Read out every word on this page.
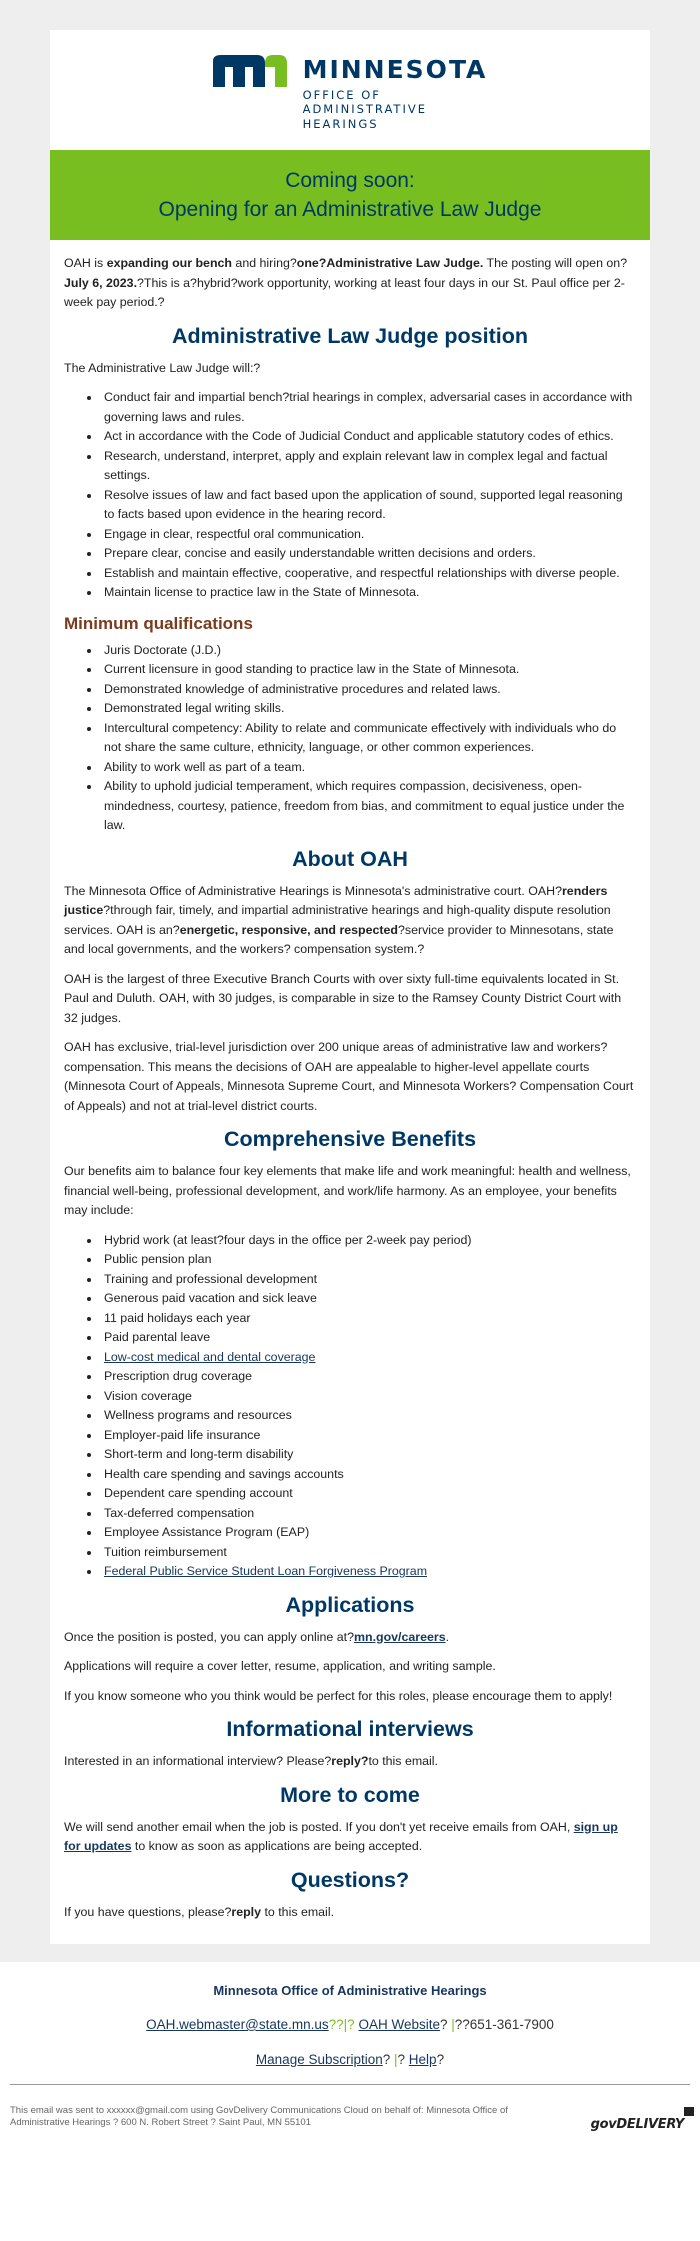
MINNESOTA
OFFICE OF
ADMINISTRATIVE
HEARINGS
Coming soon:
Opening for an Administrative Law Judge

OAH is expanding our bench and hiring?one?Administrative Law Judge. The posting will open on?July 6, 2023.?This is a?hybrid?work opportunity, working at least four days in our St. Paul office per 2-week pay period.?

Administrative Law Judge position

The Administrative Law Judge will:?

Conduct fair and impartial bench?trial hearings in complex, adversarial cases in accordance with governing laws and rules.
Act in accordance with the Code of Judicial Conduct and applicable statutory codes of ethics.
Research, understand, interpret, apply and explain relevant law in complex legal and factual settings.
Resolve issues of law and fact based upon the application of sound, supported legal reasoning to facts based upon evidence in the hearing record.
Engage in clear, respectful oral communication.
Prepare clear, concise and easily understandable written decisions and orders.
Establish and maintain effective, cooperative, and respectful relationships with diverse people.
Maintain license to practice law in the State of Minnesota.
Minimum qualifications
Juris Doctorate (J.D.)
Current licensure in good standing to practice law in the State of Minnesota.
Demonstrated knowledge of administrative procedures and related laws.
Demonstrated legal writing skills.
Intercultural competency: Ability to relate and communicate effectively with individuals who do not share the same culture, ethnicity, language, or other common experiences.
Ability to work well as part of a team.
Ability to uphold judicial temperament, which requires compassion, decisiveness, open-mindedness, courtesy, patience, freedom from bias, and commitment to equal justice under the law.
About OAH

The Minnesota Office of Administrative Hearings is Minnesota's administrative court. OAH?renders justice?through fair, timely, and impartial administrative hearings and high-quality dispute resolution services. OAH is an?energetic, responsive, and respected?service provider to Minnesotans, state and local governments, and the workers? compensation system.?

OAH is the largest of three Executive Branch Courts with over sixty full-time equivalents located in St. Paul and Duluth. OAH, with 30 judges, is comparable in size to the Ramsey County District Court with 32 judges.

OAH has exclusive, trial-level jurisdiction over 200 unique areas of administrative law and workers? compensation. This means the decisions of OAH are appealable to higher-level appellate courts (Minnesota Court of Appeals, Minnesota Supreme Court, and Minnesota Workers? Compensation Court of Appeals) and not at trial-level district courts.

Comprehensive Benefits

Our benefits aim to balance four key elements that make life and work meaningful: health and wellness, financial well-being, professional development, and work/life harmony. As an employee, your benefits may include:

Hybrid work (at least?four days in the office per 2-week pay period)
Public pension plan
Training and professional development
Generous paid vacation and sick leave
11 paid holidays each year
Paid parental leave
Low-cost medical and dental coverage
Prescription drug coverage
Vision coverage
Wellness programs and resources
Employer-paid life insurance
Short-term and long-term disability
Health care spending and savings accounts
Dependent care spending account
Tax-deferred compensation
Employee Assistance Program (EAP)
Tuition reimbursement
Federal Public Service Student Loan Forgiveness Program
Applications

Once the position is posted, you can apply online at?mn.gov/careers.

Applications will require a cover letter, resume, application, and writing sample.

If you know someone who you think would be perfect for this roles, please encourage them to apply!

Informational interviews

Interested in an informational interview? Please?reply?to this email.

More to come

We will send another email when the job is posted. If you don't yet receive emails from OAH, sign up for updates to know as soon as applications are being accepted.

Questions?

If you have questions, please?reply to this email.

Minnesota Office of Administrative Hearings
OAH.webmaster@state.mn.us??|? OAH Website? |??651-361-7900
Manage Subscription? |? Help?
This email was sent to xxxxxx@gmail.com using GovDelivery Communications Cloud on behalf of: Minnesota Office of Administrative Hearings ? 600 N. Robert Street ? Saint Paul, MN 55101	govDELIVERY
